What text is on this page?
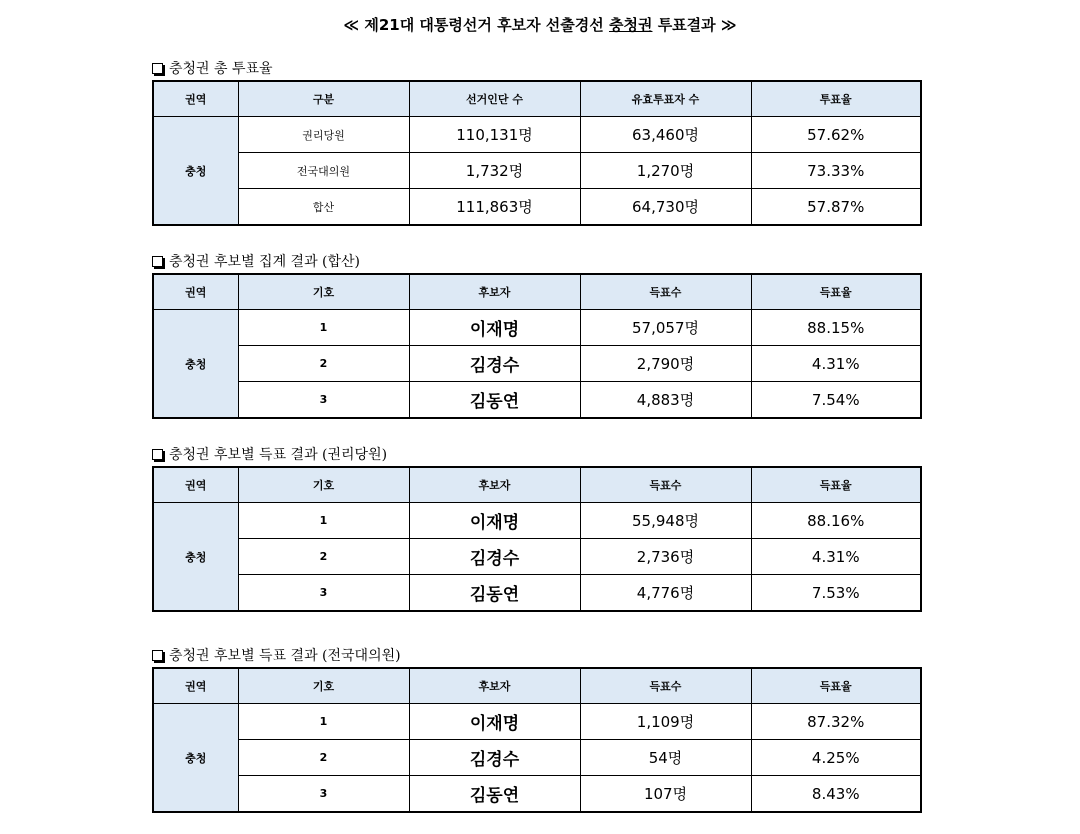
≪ 제21대 대통령선거 후보자 선출경선 충청권 투표결과 ≫
충청권 총 투표율
권역	구분	선거인단 수	유효투표자 수	투표율
충청	권리당원	110,131명	63,460명	57.62%
	전국대의원	1,732명	1,270명	73.33%
	합산	111,863명	64,730명	57.87%
충청권 후보별 집계 결과 (합산)
권역	기호	후보자	득표수	득표율
충청	1	이재명	57,057명	88.15%
	2	김경수	2,790명	4.31%
	3	김동연	4,883명	7.54%
충청권 후보별 득표 결과 (권리당원)
권역	기호	후보자	득표수	득표율
충청	1	이재명	55,948명	88.16%
	2	김경수	2,736명	4.31%
	3	김동연	4,776명	7.53%
충청권 후보별 득표 결과 (전국대의원)
권역	기호	후보자	득표수	득표율
충청	1	이재명	1,109명	87.32%
	2	김경수	54명	4.25%
	3	김동연	107명	8.43%
